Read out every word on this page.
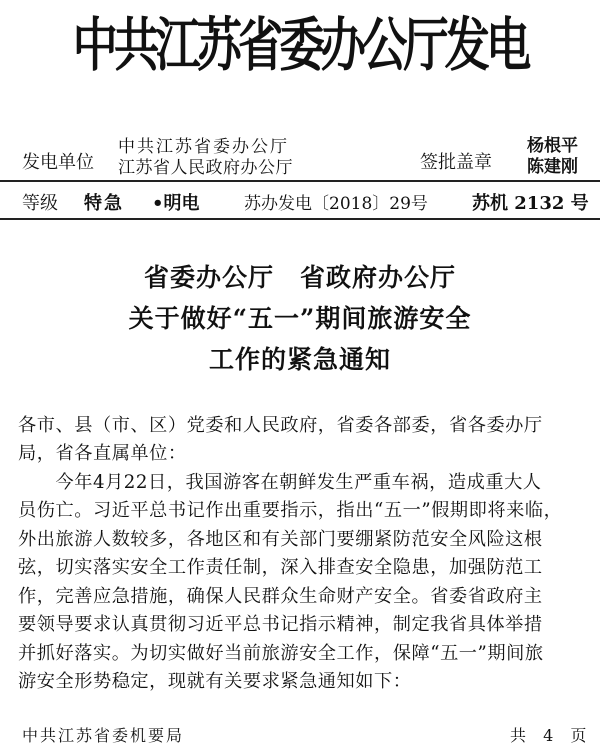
中共江苏省委办公厅发电
发电单位
中共江苏省委办公厅
江苏省人民政府办公厅	签批盖章
杨根平
陈建刚
等级 特急 •明电	苏办发电〔2018〕29号 苏机 2132 号
省委办公厅　省政府办公厅
关于做好“五一”期间旅游安全
工作的紧急通知
各市、县（市、区）党委和人民政府，省委各部委，省各委办厅
局，省各直属单位：
　　今年4月22日，我国游客在朝鲜发生严重车祸，造成重大人
员伤亡。习近平总书记作出重要指示，指出“五一”假期即将来临，
外出旅游人数较多，各地区和有关部门要绷紧防范安全风险这根
弦，切实落实安全工作责任制，深入排查安全隐患，加强防范工
作，完善应急措施，确保人民群众生命财产安全。省委省政府主
要领导要求认真贯彻习近平总书记指示精神，制定我省具体举措
并抓好落实。为切实做好当前旅游安全工作，保障“五一”期间旅
游安全形势稳定，现就有关要求紧急通知如下：
中共江苏省委机要局	共 4 页
